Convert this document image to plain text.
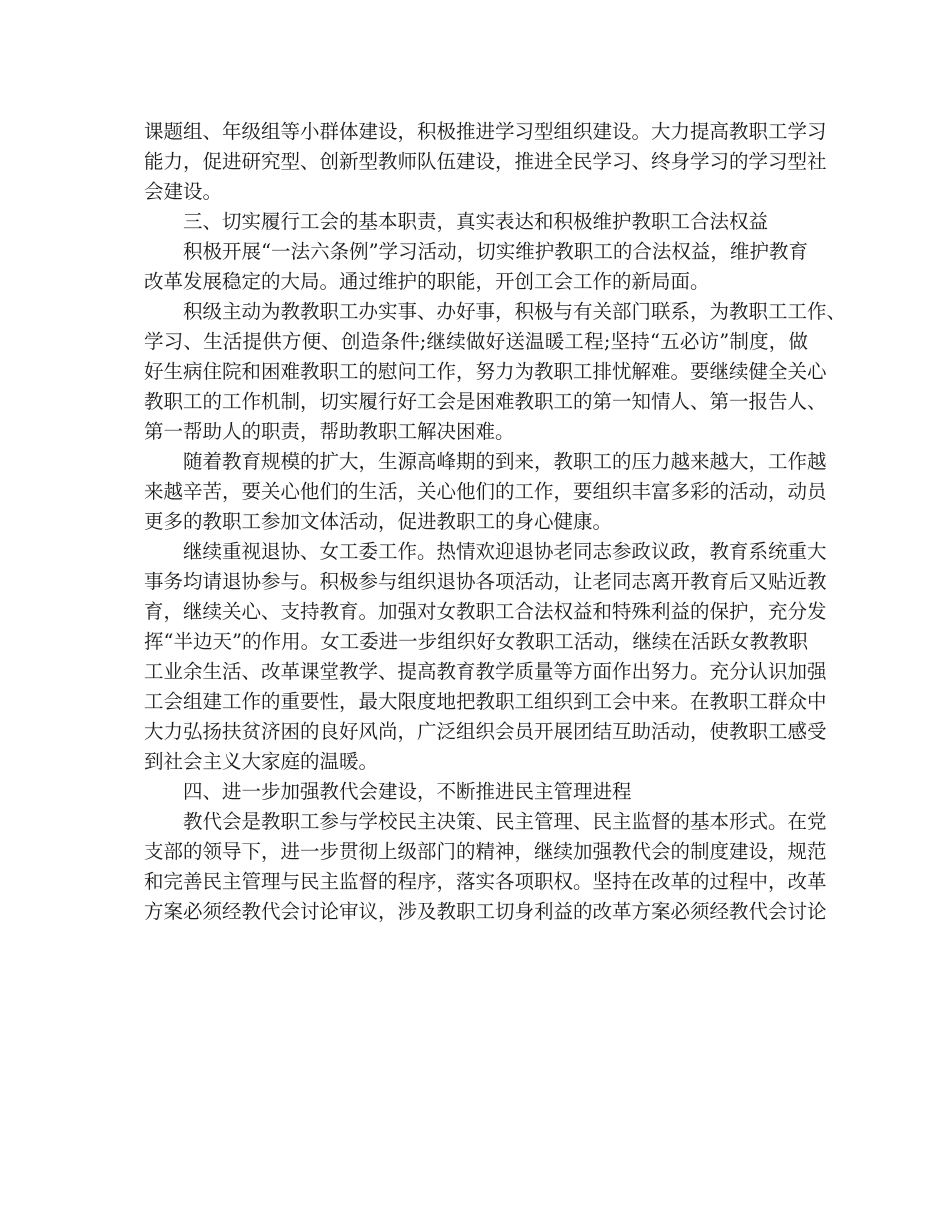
课题组、年级组等小群体建设，积极推进学习型组织建设。大力提高教职工学习
能力，促进研究型、创新型教师队伍建设，推进全民学习、终身学习的学习型社
会建设。
三、切实履行工会的基本职责，真实表达和积极维护教职工合法权益
积极开展“一法六条例”学习活动，切实维护教职工的合法权益，维护教育
改革发展稳定的大局。通过维护的职能，开创工会工作的新局面。
积级主动为教教职工办实事、办好事，积极与有关部门联系，为教职工工作、
学习、生活提供方便、创造条件;继续做好送温暖工程;坚持“五必访”制度，做
好生病住院和困难教职工的慰问工作，努力为教职工排忧解难。要继续健全关心
教职工的工作机制，切实履行好工会是困难教职工的第一知情人、第一报告人、
第一帮助人的职责，帮助教职工解决困难。
随着教育规模的扩大，生源高峰期的到来，教职工的压力越来越大，工作越
来越辛苦，要关心他们的生活，关心他们的工作，要组织丰富多彩的活动，动员
更多的教职工参加文体活动，促进教职工的身心健康。
继续重视退协、女工委工作。热情欢迎退协老同志参政议政，教育系统重大
事务均请退协参与。积极参与组织退协各项活动，让老同志离开教育后又贴近教
育，继续关心、支持教育。加强对女教职工合法权益和特殊利益的保护，充分发
挥“半边天”的作用。女工委进一步组织好女教职工活动，继续在活跃女教教职
工业余生活、改革课堂教学、提高教育教学质量等方面作出努力。充分认识加强
工会组建工作的重要性，最大限度地把教职工组织到工会中来。在教职工群众中
大力弘扬扶贫济困的良好风尚，广泛组织会员开展团结互助活动，使教职工感受
到社会主义大家庭的温暖。
四、进一步加强教代会建设，不断推进民主管理进程
教代会是教职工参与学校民主决策、民主管理、民主监督的基本形式。在党
支部的领导下，进一步贯彻上级部门的精神，继续加强教代会的制度建设，规范
和完善民主管理与民主监督的程序，落实各项职权。坚持在改革的过程中，改革
方案必须经教代会讨论审议，涉及教职工切身利益的改革方案必须经教代会讨论
